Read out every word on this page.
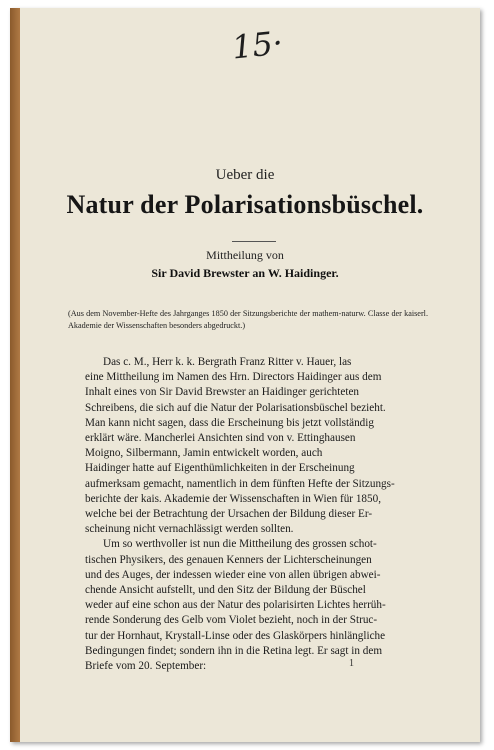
15·
Ueber die
Natur der Polarisationsbüschel.
Mittheilung von
Sir David Brewster an W. Haidinger.
(Aus dem November-Hefte des Jahrganges 1850 der Sitzungsberichte der mathem-naturw. Classe der kaiserl. Akademie der Wissenschaften besonders abgedruckt.)
Das c. M., Herr k. k. Bergrath Franz Ritter v. Hauer, las
eine Mittheilung im Namen des Hrn. Directors Haidinger aus dem
Inhalt eines von Sir David Brewster an Haidinger gerichteten
Schreibens, die sich auf die Natur der Polarisationsbüschel bezieht.
Man kann nicht sagen, dass die Erscheinung bis jetzt vollständig
erklärt wäre. Mancherlei Ansichten sind von v. Ettinghausen
Moigno, Silbermann, Jamin entwickelt worden, auch
Haidinger hatte auf Eigenthümlichkeiten in der Erscheinung
aufmerksam gemacht, namentlich in dem fünften Hefte der Sitzungs-
berichte der kais. Akademie der Wissenschaften in Wien für 1850,
welche bei der Betrachtung der Ursachen der Bildung dieser Er-
scheinung nicht vernachlässigt werden sollten.
Um so werthvoller ist nun die Mittheilung des grossen schot-
tischen Physikers, des genauen Kenners der Lichterscheinungen
und des Auges, der indessen wieder eine von allen übrigen abwei-
chende Ansicht aufstellt, und den Sitz der Bildung der Büschel
weder auf eine schon aus der Natur des polarisirten Lichtes herrüh-
rende Sonderung des Gelb vom Violet bezieht, noch in der Struc-
tur der Hornhaut, Krystall-Linse oder des Glaskörpers hinlängliche
Bedingungen findet; sondern ihn in die Retina legt. Er sagt in dem
Briefe vom 20. September:	1
